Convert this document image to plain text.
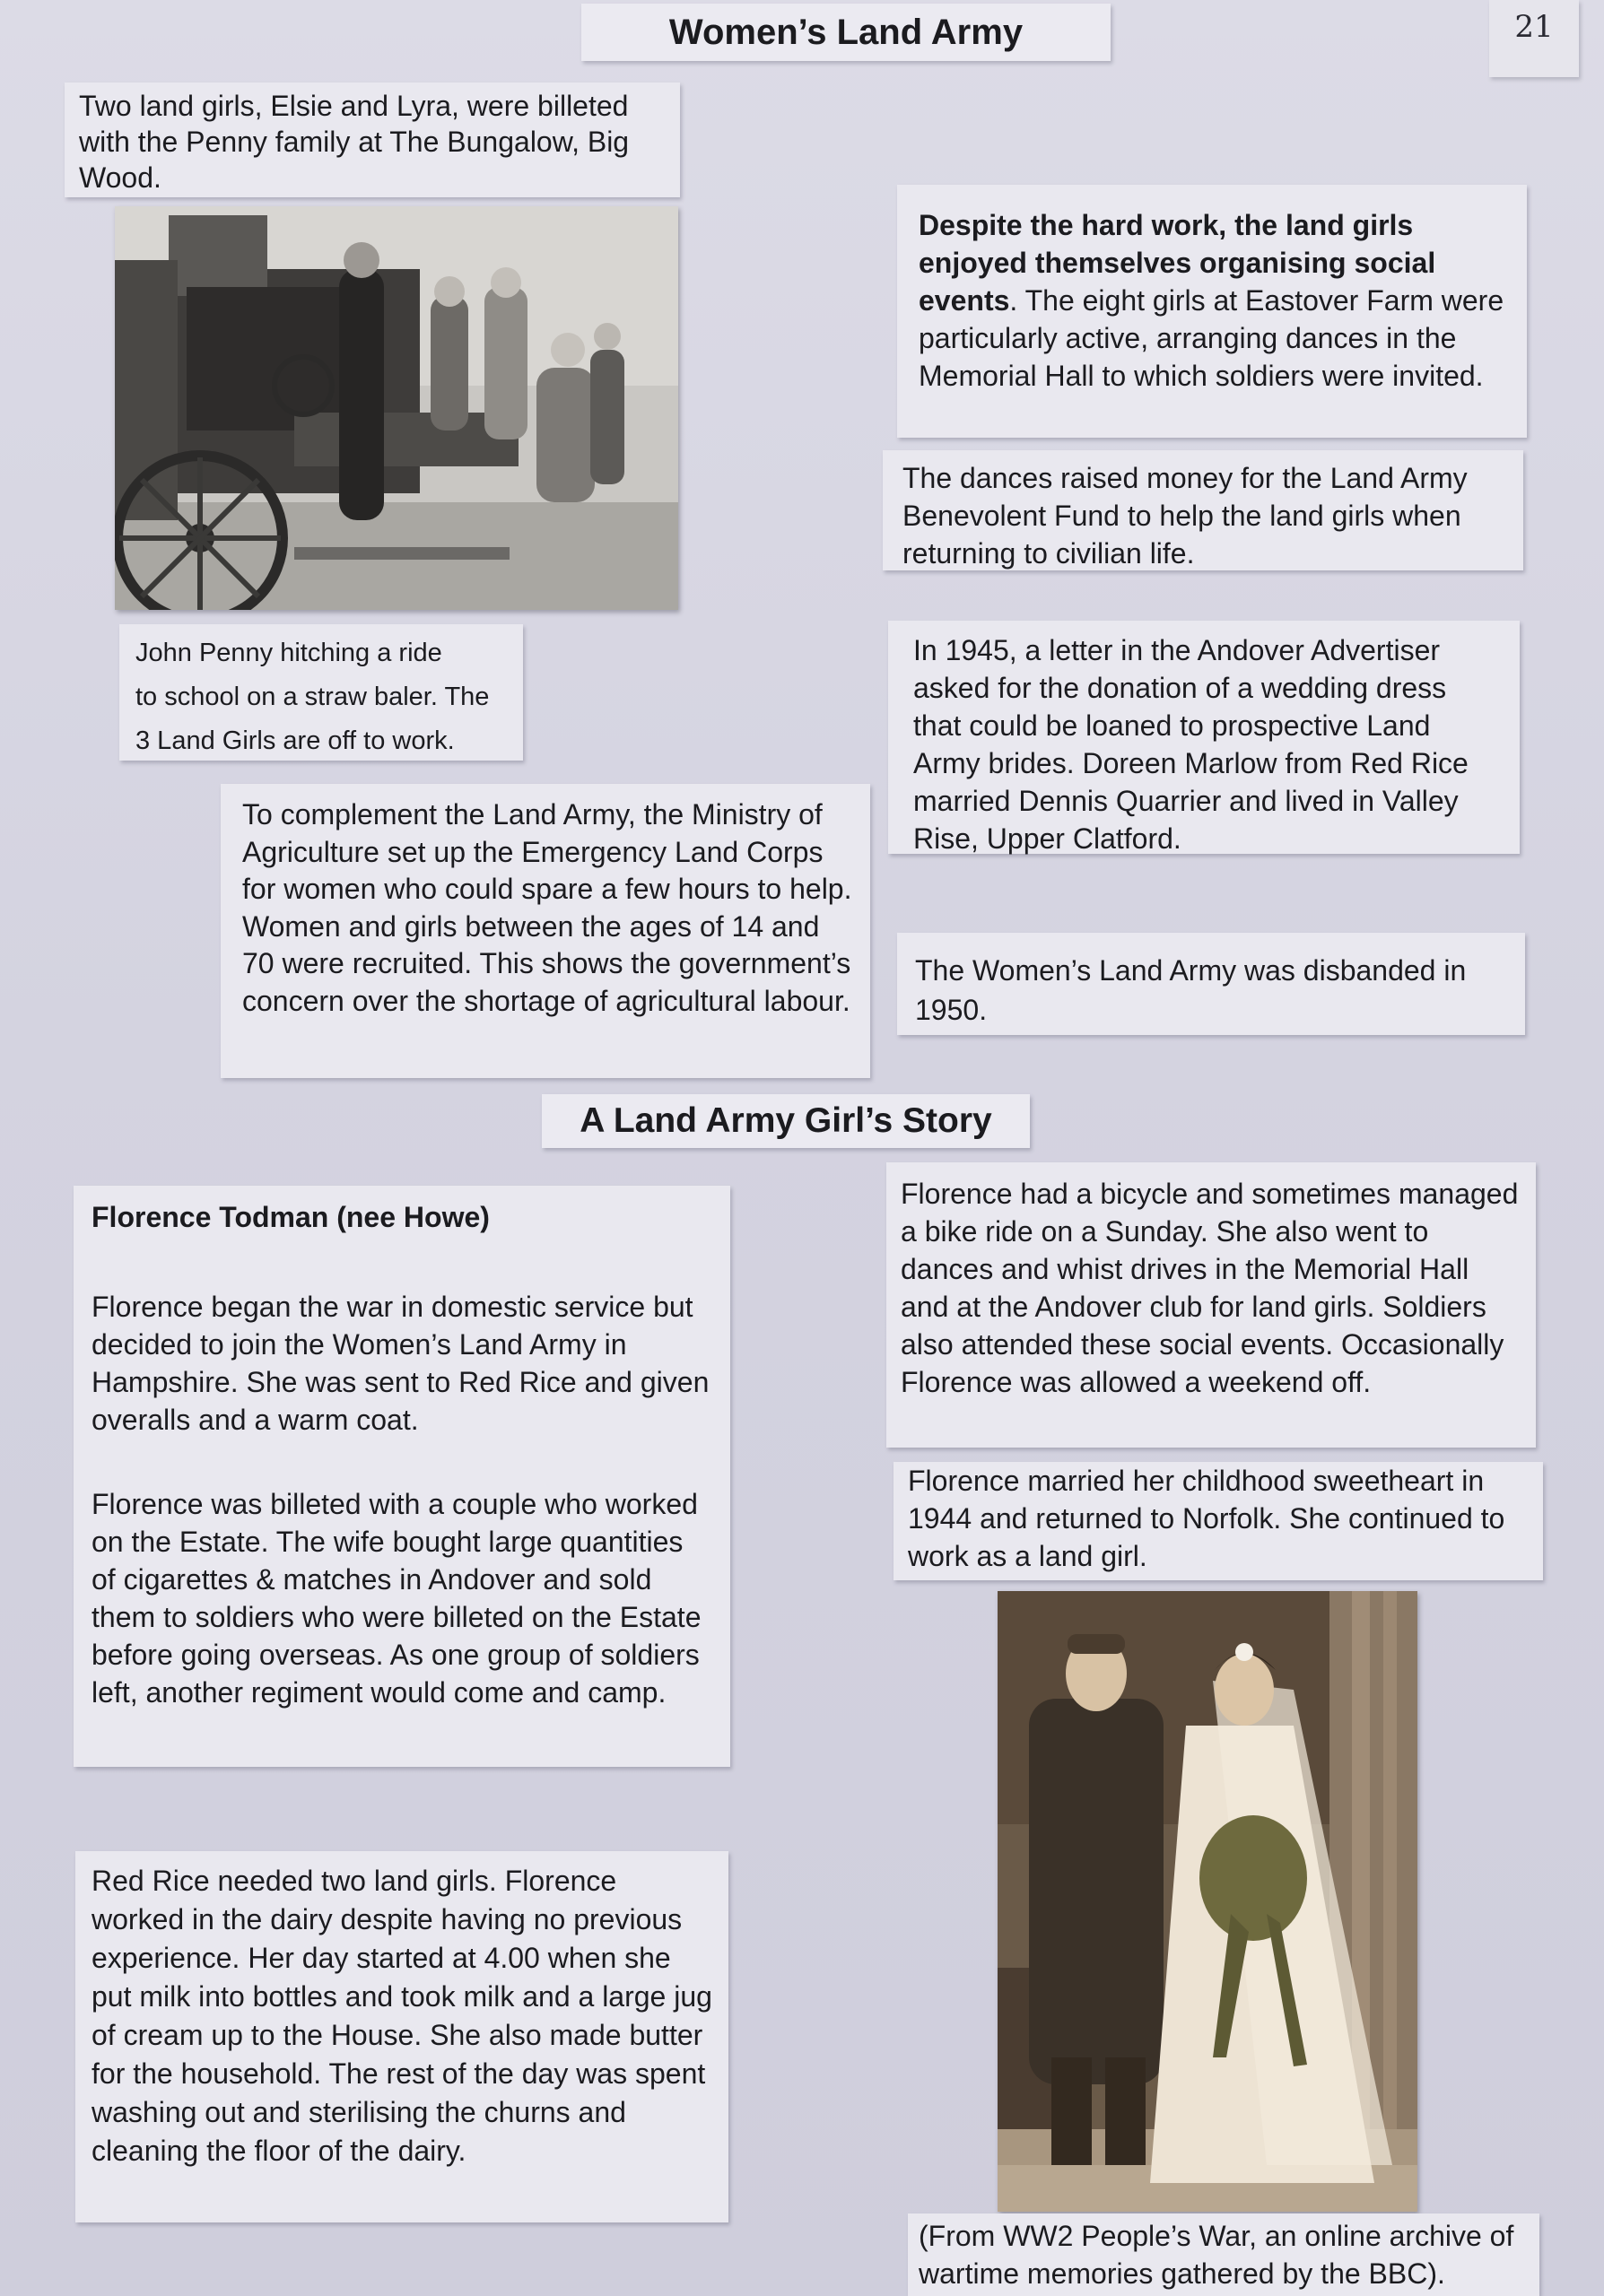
21
Women’s Land Army

Two land girls, Elsie and Lyra, were billeted with the Penny family at The Bungalow, Big Wood.

John Penny hitching a ride

to school on a straw baler. The

3 Land Girls are off to work.

Despite the hard work, the land girls enjoyed themselves organising social events. The eight girls at Eastover Farm were particularly active, arranging dances in the Memorial Hall to which soldiers were invited.

The dances raised money for the Land Army Benevolent Fund to help the land girls when returning to civilian life.

In 1945, a letter in the Andover Advertiser asked for the donation of a wedding dress that could be loaned to prospective Land Army brides. Doreen Marlow from Red Rice married Dennis Quarrier and lived in Valley Rise, Upper Clatford.

To complement the Land Army, the Ministry of Agriculture set up the Emergency Land Corps for women who could spare a few hours to help. Women and girls between the ages of 14 and 70 were recruited. This shows the government’s concern over the shortage of agricultural labour.

The Women’s Land Army was disbanded in 1950.

A Land Army Girl’s Story

Florence Todman (nee Howe)

Florence began the war in domestic service but decided to join the Women’s Land Army in Hampshire. She was sent to Red Rice and given overalls and a warm coat.

Florence was billeted with a couple who worked on the Estate. The wife bought large quantities of cigarettes & matches in Andover and sold them to soldiers who were billeted on the Estate before going overseas. As one group of soldiers left, another regiment would come and camp.

Red Rice needed two land girls. Florence worked in the dairy despite having no previous experience. Her day started at 4.00 when she put milk into bottles and took milk and a large jug of cream up to the House. She also made butter for the household. The rest of the day was spent washing out and sterilising the churns and cleaning the floor of the dairy.

Florence had a bicycle and sometimes managed a bike ride on a Sunday. She also went to dances and whist drives in the Memorial Hall and at the Andover club for land girls. Soldiers also attended these social events. Occasionally Florence was allowed a weekend off.

Florence married her childhood sweetheart in 1944 and returned to Norfolk. She continued to work as a land girl.

(From WW2 People’s War, an online archive of wartime memories gathered by the BBC).
